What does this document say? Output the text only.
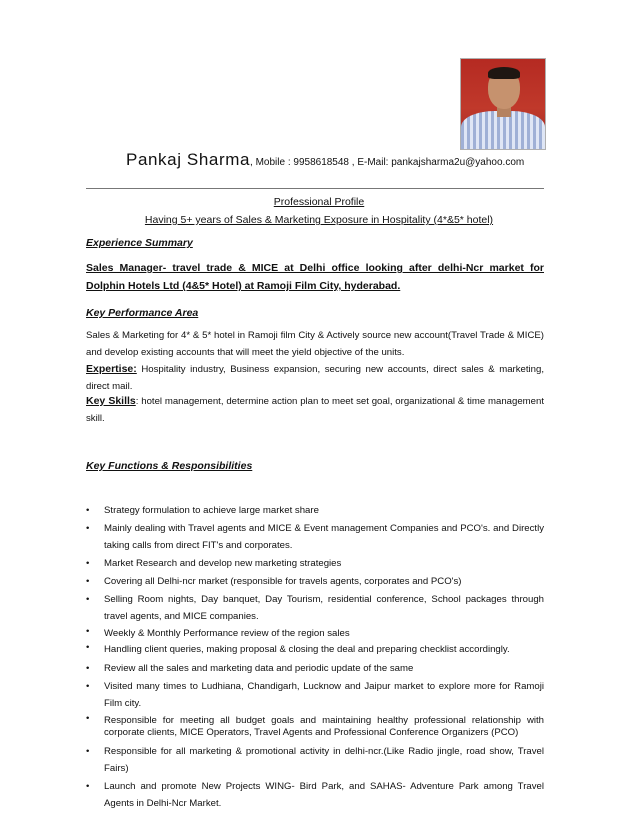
Pankaj Sharma, Mobile : 9958618548 , E-Mail: pankajsharma2u@yahoo.com
Professional Profile
Having 5+ years of Sales & Marketing Exposure in Hospitality (4*&5* hotel)
Experience Summary
Sales Manager- travel trade & MICE at Delhi office looking after delhi-Ncr market for Dolphin Hotels Ltd (4&5* Hotel) at Ramoji Film City, hyderabad.
Key Performance Area
Sales & Marketing for 4* & 5* hotel in Ramoji film City & Actively source new account(Travel Trade & MICE) and develop existing accounts that will meet the yield objective of the units.
Expertise: Hospitality industry, Business expansion, securing new accounts, direct sales & marketing, direct mail.
Key Skills: hotel management, determine action plan to meet set goal, organizational & time management skill.
Key Functions & Responsibilities
• Strategy formulation to achieve large market share
• Mainly dealing with Travel agents and MICE & Event management Companies and PCO's. and Directly taking calls from direct FIT's and corporates.
• Market Research and develop new marketing strategies
• Covering all Delhi-ncr market (responsible for travels agents, corporates and PCO's)
• Selling Room nights, Day banquet, Day Tourism, residential conference, School packages through travel agents, and MICE companies.
• Weekly & Monthly Performance review of the region sales
• Handling client queries, making proposal & closing the deal and preparing checklist accordingly.
• Review all the sales and marketing data and periodic update of the same
• Visited many times to Ludhiana, Chandigarh, Lucknow and Jaipur market to explore more for Ramoji Film city.
• Responsible for meeting all budget goals and maintaining healthy professional relationship with corporate clients, MICE Operators, Travel Agents and Professional Conference Organizers (PCO)
• Responsible for all marketing & promotional activity in delhi-ncr.(Like Radio jingle, road show, Travel Fairs)
• Launch and promote New Projects WING- Bird Park, and SAHAS- Adventure Park among Travel Agents in Delhi-Ncr Market.
